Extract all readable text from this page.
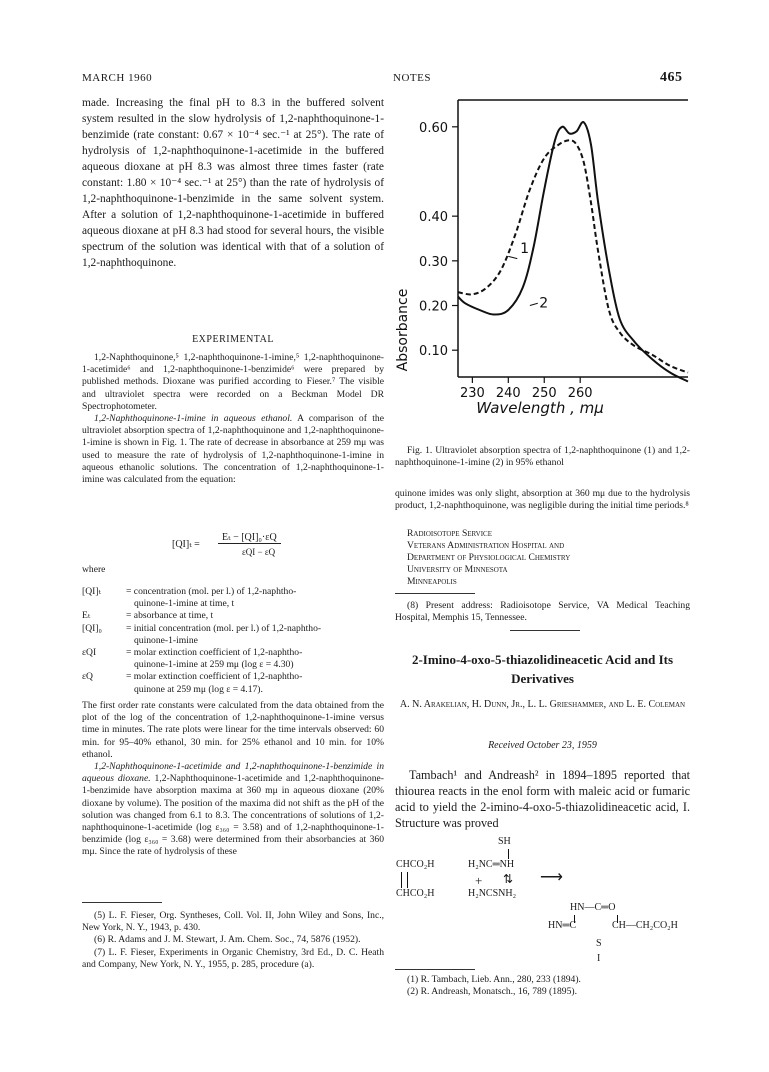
MARCH 1960	NOTES	465

made. Increasing the final pH to 8.3 in the buffered solvent system resulted in the slow hydrolysis of 1,2-naphthoquinone-1-benzimide (rate constant: 0.67 × 10⁻⁴ sec.⁻¹ at 25°). The rate of hydrolysis of 1,2-naphthoquinone-1-acetimide in the buffered aqueous dioxane at pH 8.3 was almost three times faster (rate constant: 1.80 × 10⁻⁴ sec.⁻¹ at 25°) than the rate of hydrolysis of 1,2-naphthoquinone-1-benzimide in the same solvent system. After a solution of 1,2-naphthoquinone-1-acetimide in buffered aqueous dioxane at pH 8.3 had stood for several hours, the visible spectrum of the solution was identical with that of a solution of 1,2-naphthoquinone.

EXPERIMENTAL

1,2-Naphthoquinone,⁵ 1,2-naphthoquinone-1-imine,⁵ 1,2-naphthoquinone-1-acetimide⁶ and 1,2-naphthoquinone-1-benzimide⁶ were prepared by published methods. Dioxane was purified according to Fieser.⁷ The visible and ultraviolet spectra were recorded on a Beckman Model DR Spectrophotometer.

1,2-Naphthoquinone-1-imine in aqueous ethanol. A comparison of the ultraviolet absorption spectra of 1,2-naphthoquinone and 1,2-naphthoquinone-1-imine is shown in Fig. 1. The rate of decrease in absorbance at 259 mμ was used to measure the rate of hydrolysis of 1,2-naphthoquinone-1-imine in aqueous ethanolic solutions. The concentration of 1,2-naphthoquinone-1-imine was calculated from the equation:

[QI]ₜ =
Eₜ − [QI]₀·εQ
εQI − εQ
where
[QI]ₜ	= concentration (mol. per l.) of 1,2-naphtho-
quinone-1-imine at time, t
Eₜ	= absorbance at time, t
[QI]₀	= initial concentration (mol. per l.) of 1,2-naphtho-
quinone-1-imine
εQI	= molar extinction coefficient of 1,2-naphtho-
quinone-1-imine at 259 mμ (log ε = 4.30)
εQ	= molar extinction coefficient of 1,2-naphtho-
quinone at 259 mμ (log ε = 4.17).

The first order rate constants were calculated from the data obtained from the plot of the log of the concentration of 1,2-naphthoquinone-1-imine versus time in minutes. The rate plots were linear for the time intervals observed: 60 min. for 95–40% ethanol, 30 min. for 25% ethanol and 10 min. for 10% ethanol.

1,2-Naphthoquinone-1-acetimide and 1,2-naphthoquinone-1-benzimide in aqueous dioxane. 1,2-Naphthoquinone-1-acetimide and 1,2-naphthoquinone-1-benzimide have absorption maxima at 360 mμ in aqueous dioxane (20% dioxane by volume). The position of the maxima did not shift as the pH of the solution was changed from 6.1 to 8.3. The concentrations of solutions of 1,2-naphthoquinone-1-acetimide (log ε₃₆₀ = 3.58) and of 1,2-naphthoquinone-1-benzimide (log ε₃₆₀ = 3.68) were determined from their absorbancies at 360 mμ. Since the rate of hydrolysis of these

(5) L. F. Fieser, Org. Syntheses, Coll. Vol. II, John Wiley and Sons, Inc., New York, N. Y., 1943, p. 430.

(6) R. Adams and J. M. Stewart, J. Am. Chem. Soc., 74, 5876 (1952).

(7) L. F. Fieser, Experiments in Organic Chemistry, 3rd Ed., D. C. Heath and Company, New York, N. Y., 1955, p. 285, procedure (a).

0.10
0.20
0.30
0.40
0.60
230 240 250 260
1
2
Absorbance
Wavelength , mμ

Fig. 1. Ultraviolet absorption spectra of 1,2-naphthoquinone (1) and 1,2-naphthoquinone-1-imine (2) in 95% ethanol

quinone imides was only slight, absorption at 360 mμ due to the hydrolysis product, 1,2-naphthoquinone, was negligible during the initial time periods.⁸

Radioisotope Service
Veterans Administration Hospital and
Department of Physiological Chemistry
University of Minnesota
Minneapolis

(8) Present address: Radioisotope Service, VA Medical Teaching Hospital, Memphis 15, Tennessee.

2-Imino-4-oxo-5-thiazolidineacetic Acid and Its Derivatives
A. N. Arakelian, H. Dunn, Jr., L. L. Grieshammer, and L. E. Coleman
Received October 23, 1959

Tambach¹ and Andreash² in 1894–1895 reported that thiourea reacts in the enol form with maleic acid or fumaric acid to yield the 2-imino-4-oxo-5-thiazolidineacetic acid, I. Structure was proved

SH
CHCO₂H
CHCO₂H
+
H₂NC═NH
⇅
H₂NCSNH₂
⟶
HN—C═O
HN═C	CH—CH₂CO₂H
S
I

(1) R. Tambach, Lieb. Ann., 280, 233 (1894).

(2) R. Andreash, Monatsch., 16, 789 (1895).
